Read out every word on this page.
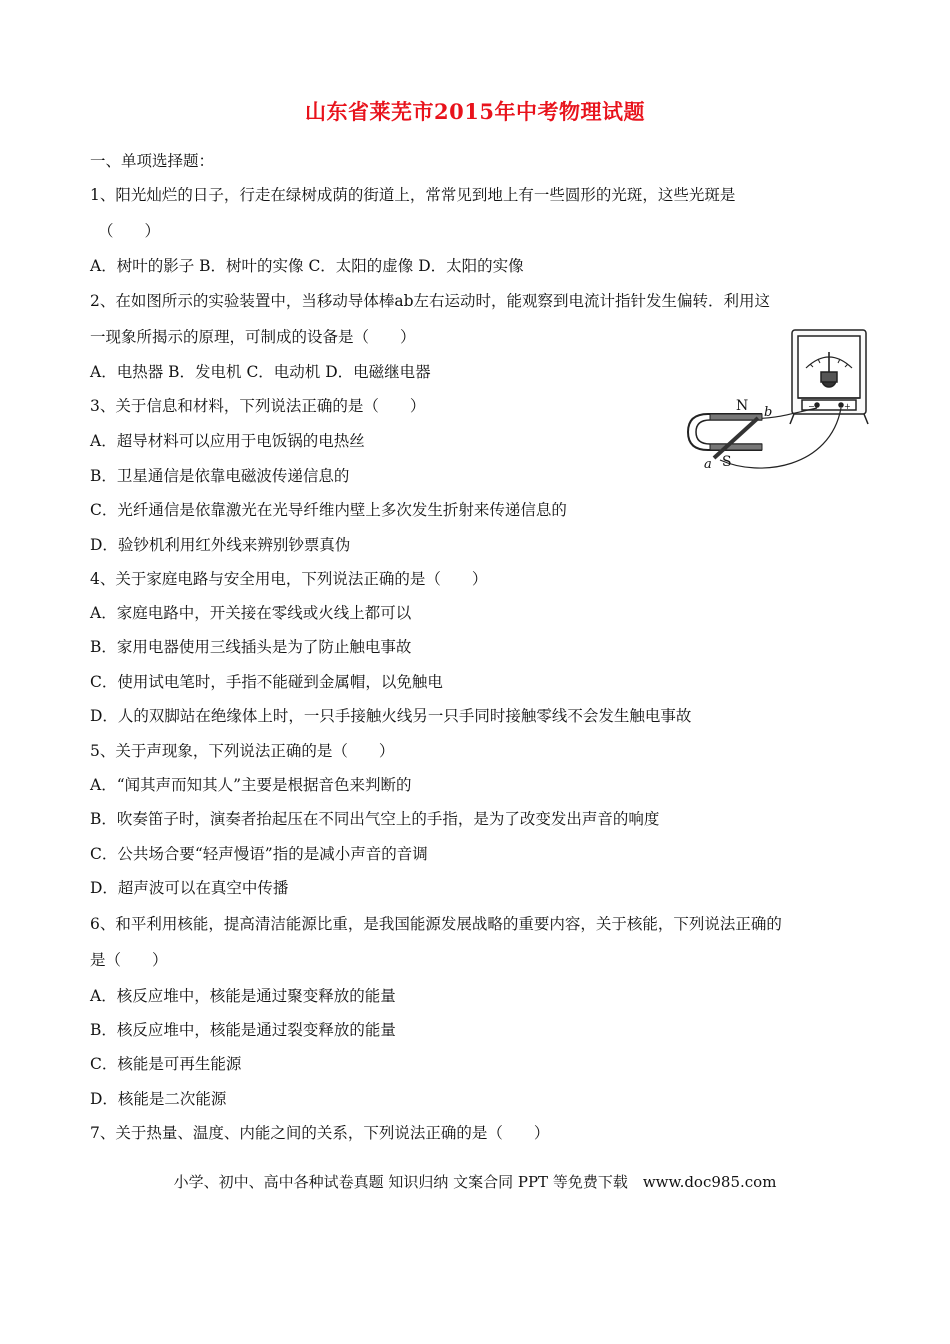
山东省莱芜市2015年中考物理试题
一、单项选择题：
1、阳光灿烂的日子，行走在绿树成荫的街道上，常常见到地上有一些圆形的光斑，这些光斑是
（　　）
A．树叶的影子 B．树叶的实像 C．太阳的虚像 D．太阳的实像
2、在如图所示的实验装置中，当移动导体棒ab左右运动时，能观察到电流计指针发生偏转．利用这
一现象所揭示的原理，可制成的设备是（　　）
A．电热器 B．发电机 C．电动机 D．电磁继电器
3、关于信息和材料，下列说法正确的是（　　）
A．超导材料可以应用于电饭锅的电热丝
B．卫星通信是依靠电磁波传递信息的
C．光纤通信是依靠激光在光导纤维内壁上多次发生折射来传递信息的
D．验钞机利用红外线来辨别钞票真伪
4、关于家庭电路与安全用电，下列说法正确的是（　　）
A．家庭电路中，开关接在零线或火线上都可以
B．家用电器使用三线插头是为了防止触电事故
C．使用试电笔时，手指不能碰到金属帽，以免触电
D．人的双脚站在绝缘体上时，一只手接触火线另一只手同时接触零线不会发生触电事故
5、关于声现象，下列说法正确的是（　　）
A．“闻其声而知其人”主要是根据音色来判断的
B．吹奏笛子时，演奏者抬起压在不同出气空上的手指，是为了改变发出声音的响度
C．公共场合要“轻声慢语”指的是减小声音的音调
D．超声波可以在真空中传播
6、和平利用核能，提高清洁能源比重，是我国能源发展战略的重要内容，关于核能，下列说法正确的
是（　　）
A．核反应堆中，核能是通过聚变释放的能量
B．核反应堆中，核能是通过裂变释放的能量
C．核能是可再生能源
D．核能是二次能源
7、关于热量、温度、内能之间的关系，下列说法正确的是（　　）
N
S
a
b	−	+
小学、初中、高中各种试卷真题 知识归纳 文案合同 PPT 等免费下载　www.doc985.com
